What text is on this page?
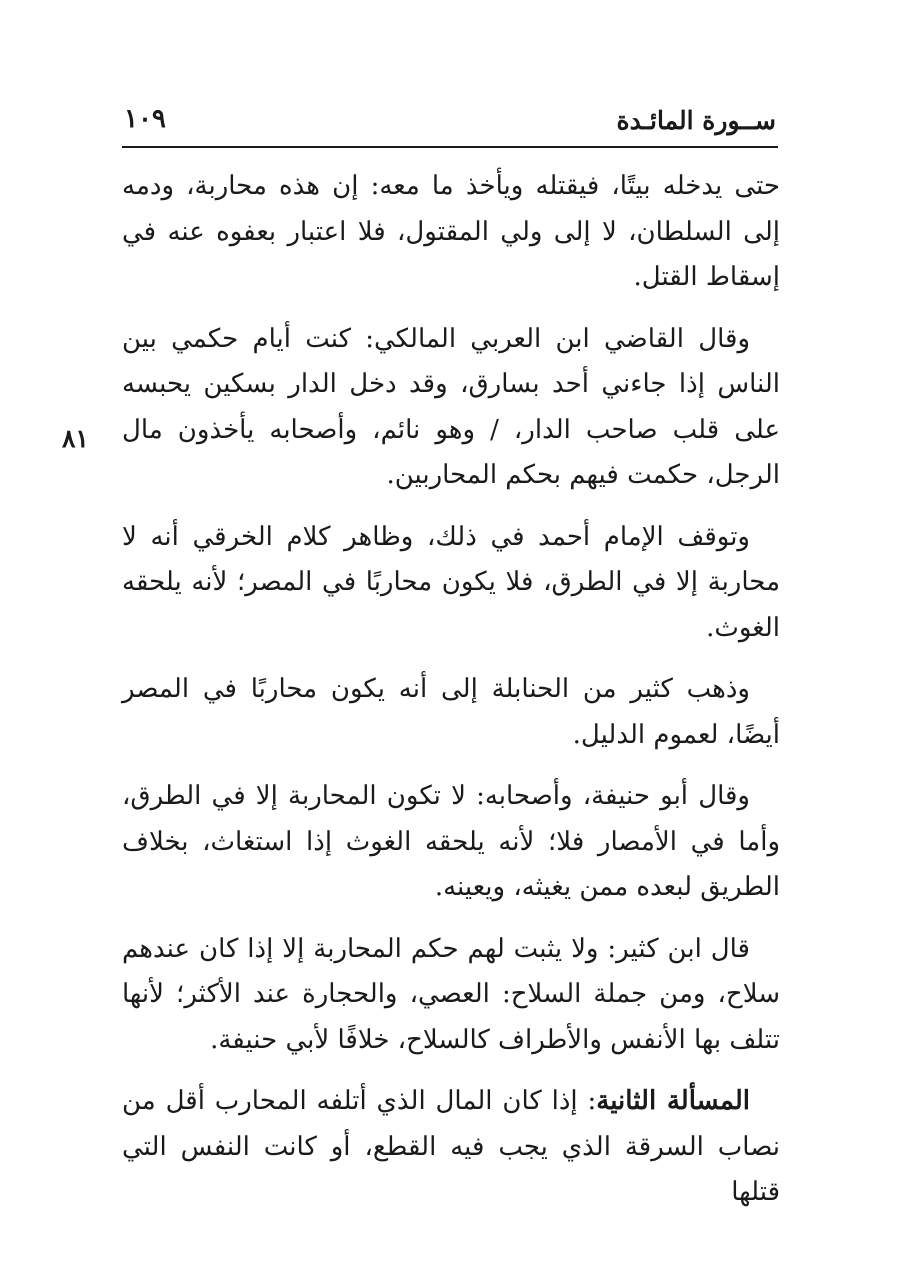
١٠٩	ســورة المائـدة
٨١

حتى يدخله بيتًا، فيقتله ويأخذ ما معه: إن هذه محاربة، ودمه إلى السلطان، لا إلى ولي المقتول، فلا اعتبار بعفوه عنه في إسقاط القتل.

وقال القاضي ابن العربي المالكي: كنت أيام حكمي بين الناس إذا جاءني أحد بسارق، وقد دخل الدار بسكين يحبسه على قلب صاحب الدار، / وهو نائم، وأصحابه يأخذون مال الرجل، حكمت فيهم بحكم المحاربين.

وتوقف الإمام أحمد في ذلك، وظاهر كلام الخرقي أنه لا محاربة إلا في الطرق، فلا يكون محاربًا في المصر؛ لأنه يلحقه الغوث.

وذهب كثير من الحنابلة إلى أنه يكون محاربًا في المصر أيضًا، لعموم الدليل.

وقال أبو حنيفة، وأصحابه: لا تكون المحاربة إلا في الطرق، وأما في الأمصار فلا؛ لأنه يلحقه الغوث إذا استغاث، بخلاف الطريق لبعده ممن يغيثه، ويعينه.

قال ابن كثير: ولا يثبت لهم حكم المحاربة إلا إذا كان عندهم سلاح، ومن جملة السلاح: العصي، والحجارة عند الأكثر؛ لأنها تتلف بها الأنفس والأطراف كالسلاح، خلافًا لأبي حنيفة.

المسألة الثانية: إذا كان المال الذي أتلفه المحارب أقل من نصاب السرقة الذي يجب فيه القطع، أو كانت النفس التي قتلها
